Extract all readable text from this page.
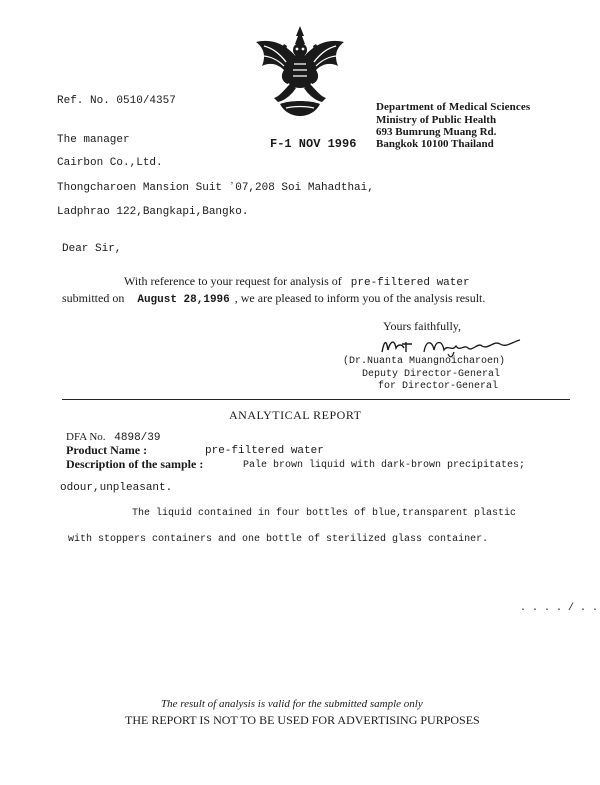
Ref. No. 0510/4357	Department of Medical Sciences
Ministry of Public Health
693 Bumrung Muang Rd.
Bangkok 10100 Thailand
The manager	F-1 NOV 1996
Cairbon Co.,Ltd.
Thongcharoen Mansion Suit ʼ07,208 Soi Mahadthai,
Ladphrao 122,Bangkapi,Bangko.
Dear Sir,
With reference to your request for analysis of pre-filtered water
submitted on August 28,1996 , we are pleased to inform you of the analysis result.
Yours faithfully,
(Dr.Nuanta Muangnoicharoen)
Deputy Director-General
for Director-General
ANALYTICAL REPORT
DFA No. 4898/39
Product Name :	pre-filtered water
Description of the sample :	Pale brown liquid with dark-brown precipitates;
odour,unpleasant.
The liquid contained in four bottles of blue,transparent plastic
with stoppers containers and one bottle of sterilized glass container.
. . . . / . .
The result of analysis is valid for the submitted sample only
THE REPORT IS NOT TO BE USED FOR ADVERTISING PURPOSES
